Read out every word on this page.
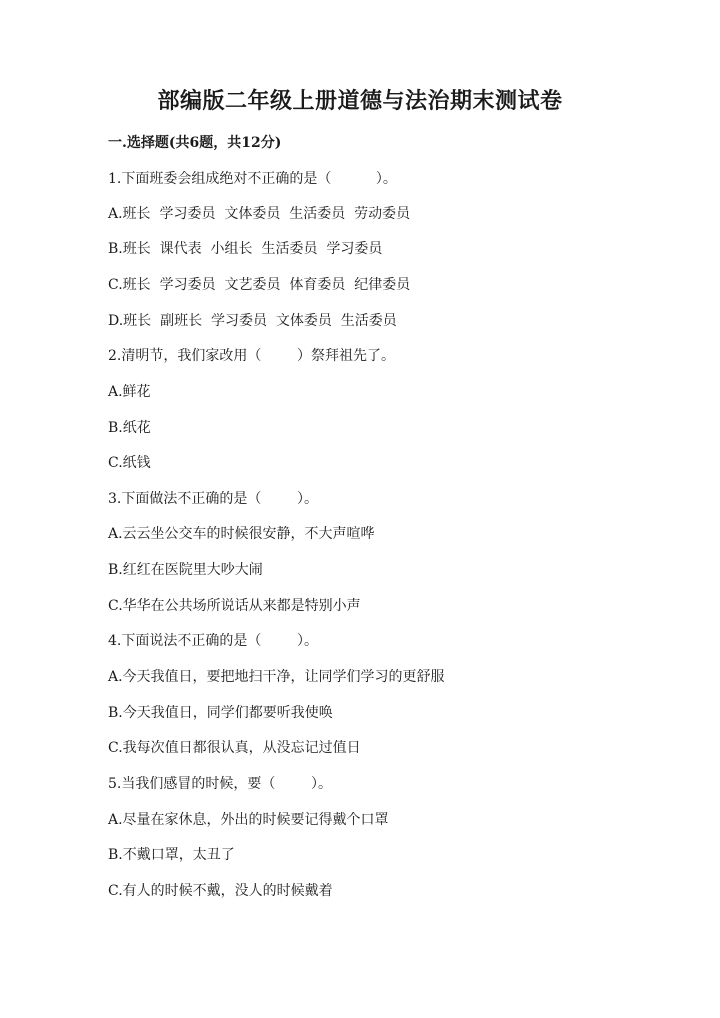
部编版二年级上册道德与法治期末测试卷
一.选择题(共6题，共12分)
1.下面班委会组成绝对不正确的是（          ）。
A.班长  学习委员  文体委员  生活委员  劳动委员
B.班长  课代表  小组长  生活委员  学习委员
C.班长  学习委员  文艺委员  体育委员  纪律委员
D.班长  副班长  学习委员  文体委员  生活委员
2.清明节，我们家改用（        ）祭拜祖先了。
A.鲜花
B.纸花
C.纸钱
3.下面做法不正确的是（        ）。
A.云云坐公交车的时候很安静，不大声喧哗
B.红红在医院里大吵大闹
C.华华在公共场所说话从来都是特别小声
4.下面说法不正确的是（        ）。
A.今天我值日，要把地扫干净，让同学们学习的更舒服
B.今天我值日，同学们都要听我使唤
C.我每次值日都很认真，从没忘记过值日
5.当我们感冒的时候，要（        ）。
A.尽量在家休息，外出的时候要记得戴个口罩
B.不戴口罩，太丑了
C.有人的时候不戴，没人的时候戴着
